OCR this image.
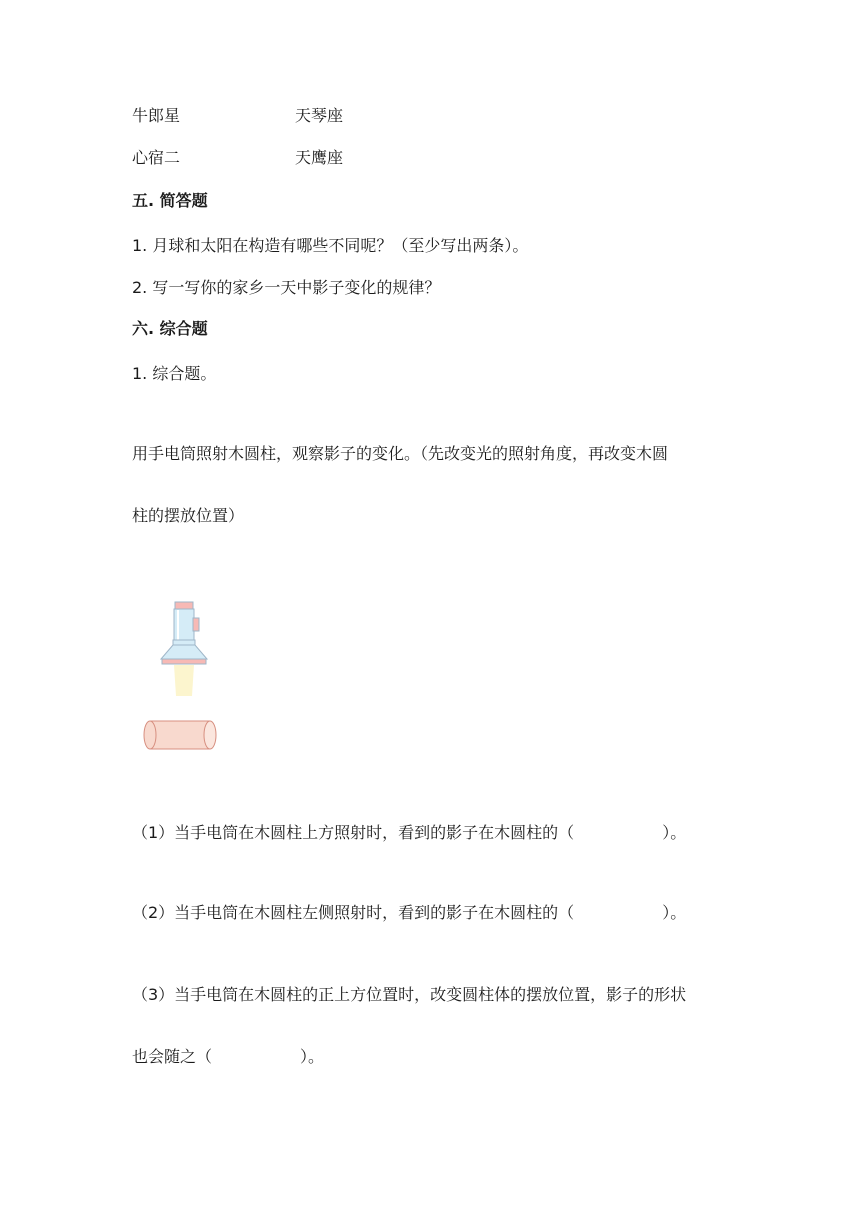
牛郎星	天琴座
心宿二	天鹰座
五. 简答题
1. 月球和太阳在构造有哪些不同呢？（至少写出两条）。
2. 写一写你的家乡一天中影子变化的规律？
六. 综合题
1. 综合题。
用手电筒照射木圆柱，观察影子的变化。（先改变光的照射角度，再改变木圆
柱的摆放位置）
（1）当手电筒在木圆柱上方照射时，看到的影子在木圆柱的（	）。
（2）当手电筒在木圆柱左侧照射时，看到的影子在木圆柱的（	）。
（3）当手电筒在木圆柱的正上方位置时，改变圆柱体的摆放位置，影子的形状
也会随之（	）。
